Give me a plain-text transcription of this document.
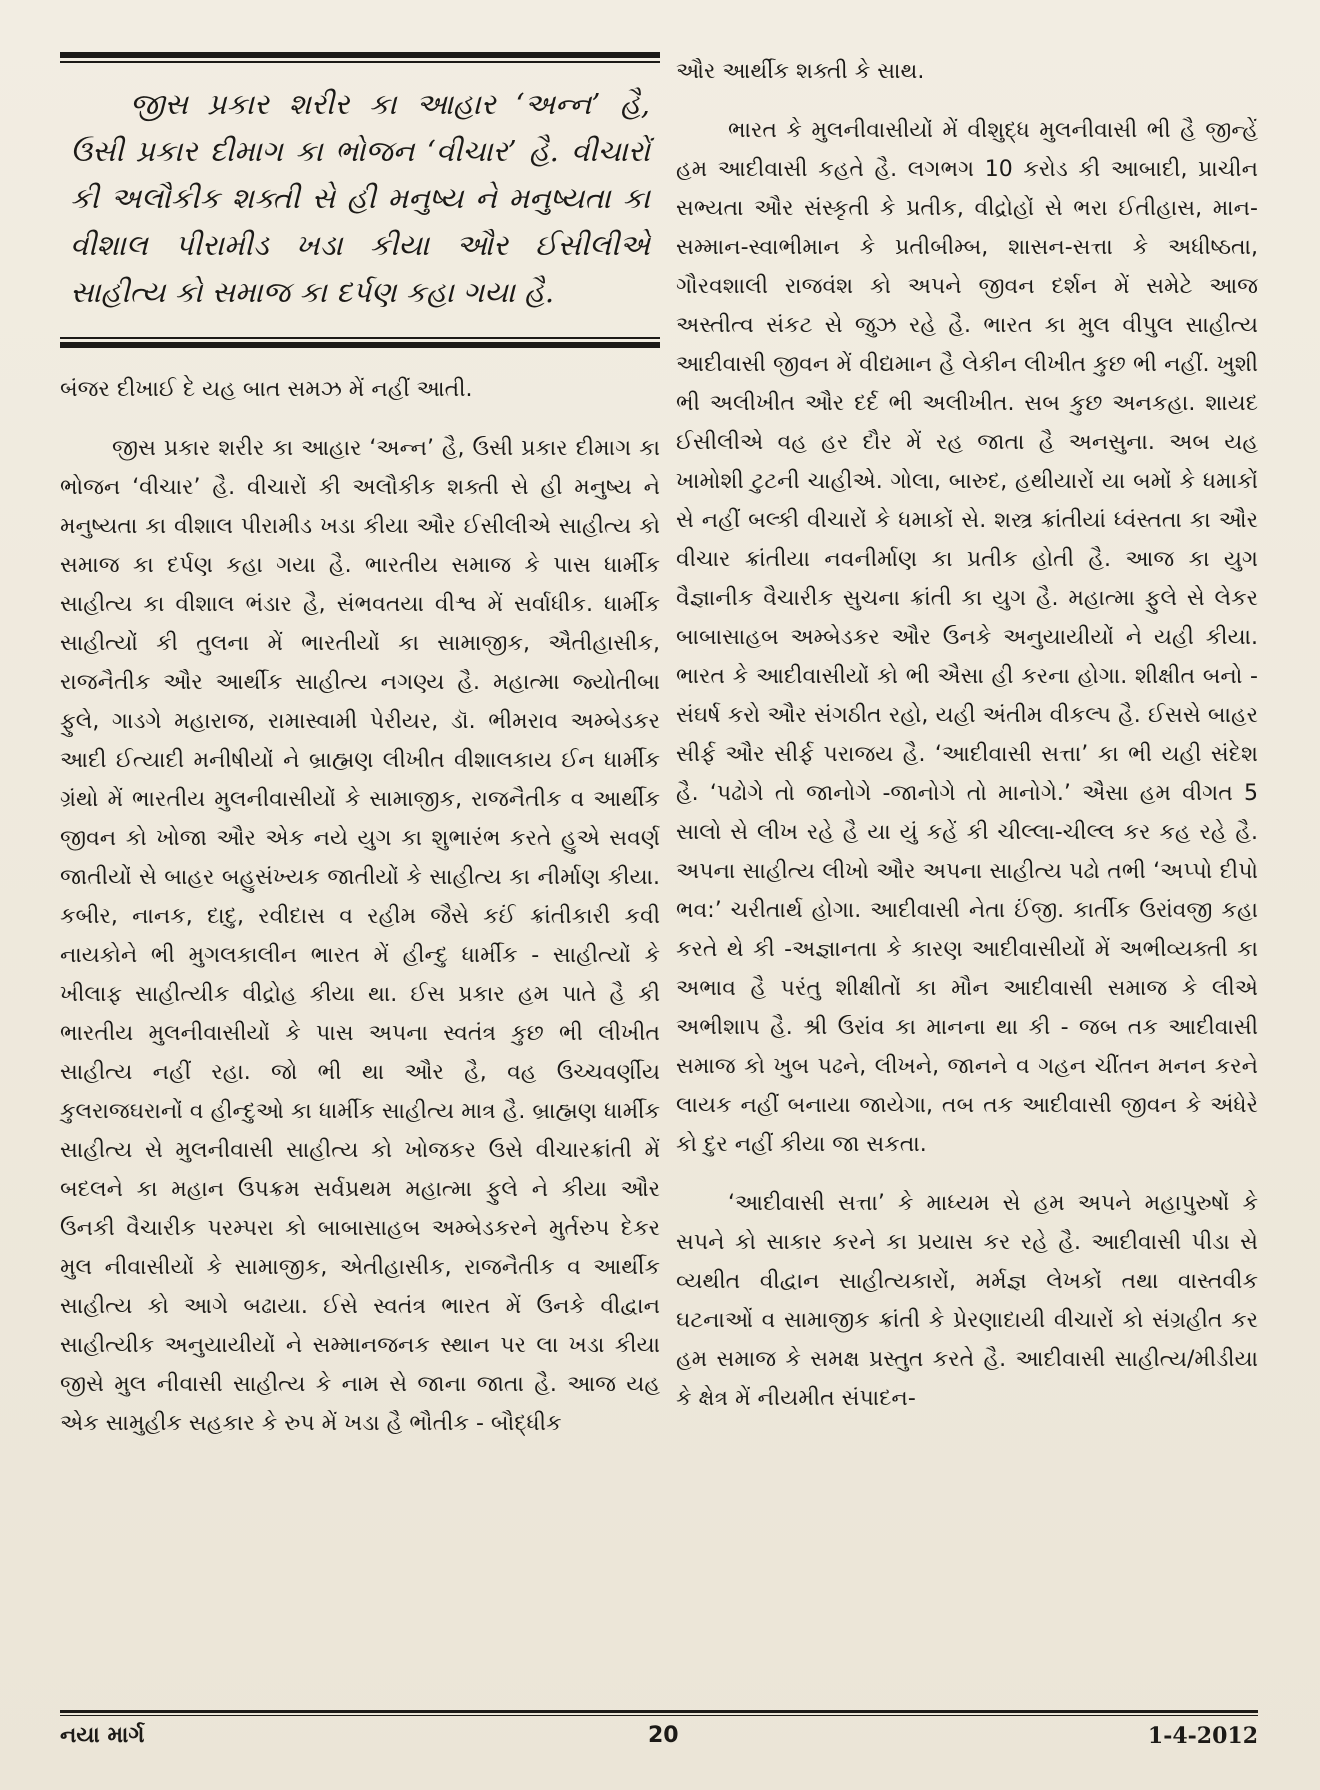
જીસ પ્રકાર શરીર કા આહાર ‘અન્ન’ હૈ, ઉસી પ્રકાર દીમાગ કા ભોજન ‘વીચાર’ હૈ. વીચારોં કી અલૌકીક શક્તી સે હી મનુષ્ય ને મનુષ્યતા કા વીશાલ પીરામીડ ખડા કીયા ઔર ઈસીલીએ સાહીત્ય કો સમાજ કા દર્પણ કહા ગયા હૈ.

બંજર દીખાઈ દે યહ બાત સમઝ મેં નહીં આતી.

જીસ પ્રકાર શરીર કા આહાર ‘અન્ન’ હૈ, ઉસી પ્રકાર દીમાગ કા ભોજન ‘વીચાર’ હૈ. વીચારોં કી અલૌકીક શક્તી સે હી મનુષ્ય ને મનુષ્યતા કા વીશાલ પીરામીડ ખડા કીયા ઔર ઈસીલીએ સાહીત્ય કો સમાજ કા દર્પણ કહા ગયા હૈ. ભારતીય સમાજ કે પાસ ધાર્મીક સાહીત્ય કા વીશાલ ભંડાર હૈ, સંભવતયા વીશ્વ મેં સર્વાધીક. ધાર્મીક સાહીત્યોં કી તુલના મેં ભારતીયોં કા સામાજીક, ઐતીહાસીક, રાજનૈતીક ઔર આર્થીક સાહીત્ય નગણ્ય હૈ. મહાત્મા જ્યોતીબા ફુલે, ગાડગે મહારાજ, રામાસ્વામી પેરીયર, ડૉ. ભીમરાવ અમ્બેડકર આદી ઈત્યાદી મનીષીયોં ને બ્રાહ્મણ લીખીત વીશાલકાય ઈન ધાર્મીક ગ્રંથો મેં ભારતીય મુલનીવાસીયોં કે સામાજીક, રાજનૈતીક વ આર્થીક જીવન કો ખોજા ઔર એક નયે યુગ કા શુભારંભ કરતે હુએ સવર્ણ જાતીયોં સે બાહર બહુસંખ્યક જાતીયોં કે સાહીત્ય કા નીર્માણ કીયા. કબીર, નાનક, દાદુ, રવીદાસ વ રહીમ જૈસે કઈં ક્રાંતીકારી કવી નાયકોને ભી મુગલકાલીન ભારત મેં હીન્દુ ધાર્મીક - સાહીત્યોં કે ખીલાફ સાહીત્યીક વીદ્રોહ કીયા થા. ઈસ પ્રકાર હમ પાતે હૈ કી ભારતીય મુલનીવાસીયોં કે પાસ અપના સ્વતંત્ર કુછ ભી લીખીત સાહીત્ય નહીં રહા. જો ભી થા ઔર હૈ, વહ ઉચ્ચવર્ણીય કુલરાજઘરાનોં વ હીન્દુઓ કા ધાર્મીક સાહીત્ય માત્ર હૈ. બ્રાહ્મણ ધાર્મીક સાહીત્ય સે મુલનીવાસી સાહીત્ય કો ખોજકર ઉસે વીચારક્રાંતી મેં બદલને કા મહાન ઉપક્રમ સર્વપ્રથમ મહાત્મા ફુલે ને કીયા ઔર ઉનકી વૈચારીક પરમ્પરા કો બાબાસાહબ અમ્બેડકરને મુર્તરુપ દેકર મુલ નીવાસીયોં કે સામાજીક, એતીહાસીક, રાજનૈતીક વ આર્થીક સાહીત્ય કો આગે બઢાયા. ઈસે સ્વતંત્ર ભારત મેં ઉનકે વીદ્વાન સાહીત્યીક અનુયાયીયોં ને સમ્માનજનક સ્થાન પર લા ખડા કીયા જીસે મુલ નીવાસી સાહીત્ય કે નામ સે જાના જાતા હૈ. આજ યહ એક સામુહીક સહકાર કે રુપ મેં ખડા હૈ ભૌતીક - બૌદ્ધીક

ઔર આર્થીક શક્તી કે સાથ.

ભારત કે મુલનીવાસીયોં મેં વીશુદ્ધ મુલનીવાસી ભી હૈ જીન્હેં હમ આદીવાસી કહતે હૈ. લગભગ 10 કરોડ કી આબાદી, પ્રાચીન સભ્યતા ઔર સંસ્કૃતી કે પ્રતીક, વીદ્રોહોં સે ભરા ઈતીહાસ, માન-સમ્માન-સ્વાભીમાન કે પ્રતીબીમ્બ, શાસન-સત્તા કે અધીષ્ઠતા, ગૌરવશાલી રાજવંશ કો અપને જીવન દર્શન મેં સમેટે આજ અસ્તીત્વ સંકટ સે જુઝ રહે હૈ. ભારત કા મુલ વીપુલ સાહીત્ય આદીવાસી જીવન મેં વીદ્યમાન હૈ લેકીન લીખીત કુછ ભી નહીં. ખુશી ભી અલીખીત ઔર દર્દ ભી અલીખીત. સબ કુછ અનકહા. શાયદ ઈસીલીએ વહ હર દૌર મેં રહ જાતા હૈ અનસુના. અબ યહ ખામોશી ટુટની ચાહીએ. ગોલા, બારુદ, હથીયારોં યા બમોં કે ધમાકોં સે નહીં બલ્કી વીચારોં કે ધમાકોં સે. શસ્ત્ર ક્રાંતીયાં ધ્વંસ્તતા કા ઔર વીચાર ક્રાંતીયા નવનીર્માણ કા પ્રતીક હોતી હૈ. આજ કા યુગ વૈજ્ઞાનીક વૈચારીક સુચના ક્રાંતી કા યુગ હૈ. મહાત્મા ફુલે સે લેકર બાબાસાહબ અમ્બેડકર ઔર ઉનકે અનુયાયીયોં ને યહી કીયા. ભારત કે આદીવાસીયોં કો ભી ઐસા હી કરના હોગા. શીક્ષીત બનો - સંઘર્ષ કરો ઔર સંગઠીત રહો, યહી અંતીમ વીકલ્પ હૈ. ઈસસે બાહર સીર્ફ ઔર સીર્ફ પરાજય હૈ. ‘આદીવાસી સત્તા’ કા ભી યહી સંદેશ હૈ. ‘પઢોગે તો જાનોગે -જાનોગે તો માનોગે.’ ઐસા હમ વીગત 5 સાલો સે લીખ રહે હૈ યા યું કહેં કી ચીલ્લા-ચીલ્લ કર કહ રહે હૈ. અપના સાહીત્ય લીખો ઔર અપના સાહીત્ય પઢો તભી ‘અપ્પો દીપો ભવ:’ ચરીતાર્થ હોગા. આદીવાસી નેતા ઈંજી. કાર્તીક ઉરાંવજી કહા કરતે થે કી -અજ્ઞાનતા કે કારણ આદીવાસીયોં મેં અભીવ્યક્તી કા અભાવ હૈ પરંતુ શીક્ષીતોં કા મૌન આદીવાસી સમાજ કે લીએ અભીશાપ હૈ. શ્રી ઉરાંવ કા માનના થા કી - જબ તક આદીવાસી સમાજ કો ખુબ પઢને, લીખને, જાનને વ ગહન ચીંતન મનન કરને લાયક નહીં બનાયા જાયેગા, તબ તક આદીવાસી જીવન કે અંધેરે કો દુર નહીં કીયા જા સકતા.

‘આદીવાસી સત્તા’ કે માધ્યમ સે હમ અપને મહાપુરુષોં કે સપને કો સાકાર કરને કા પ્રયાસ કર રહે હૈ. આદીવાસી પીડા સે વ્યથીત વીદ્વાન સાહીત્યકારોં, મર્મજ્ઞ લેખકોં તથા વાસ્તવીક ઘટનાઓં વ સામાજીક ક્રાંતી કે પ્રેરણાદાયી વીચારોં કો સંગ્રહીત કર હમ સમાજ કે સમક્ષ પ્રસ્તુત કરતે હૈ. આદીવાસી સાહીત્ય/મીડીયા કે ક્ષેત્ર મેં નીયમીત સંપાદન-

નયા માર્ગ	20	1-4-2012
